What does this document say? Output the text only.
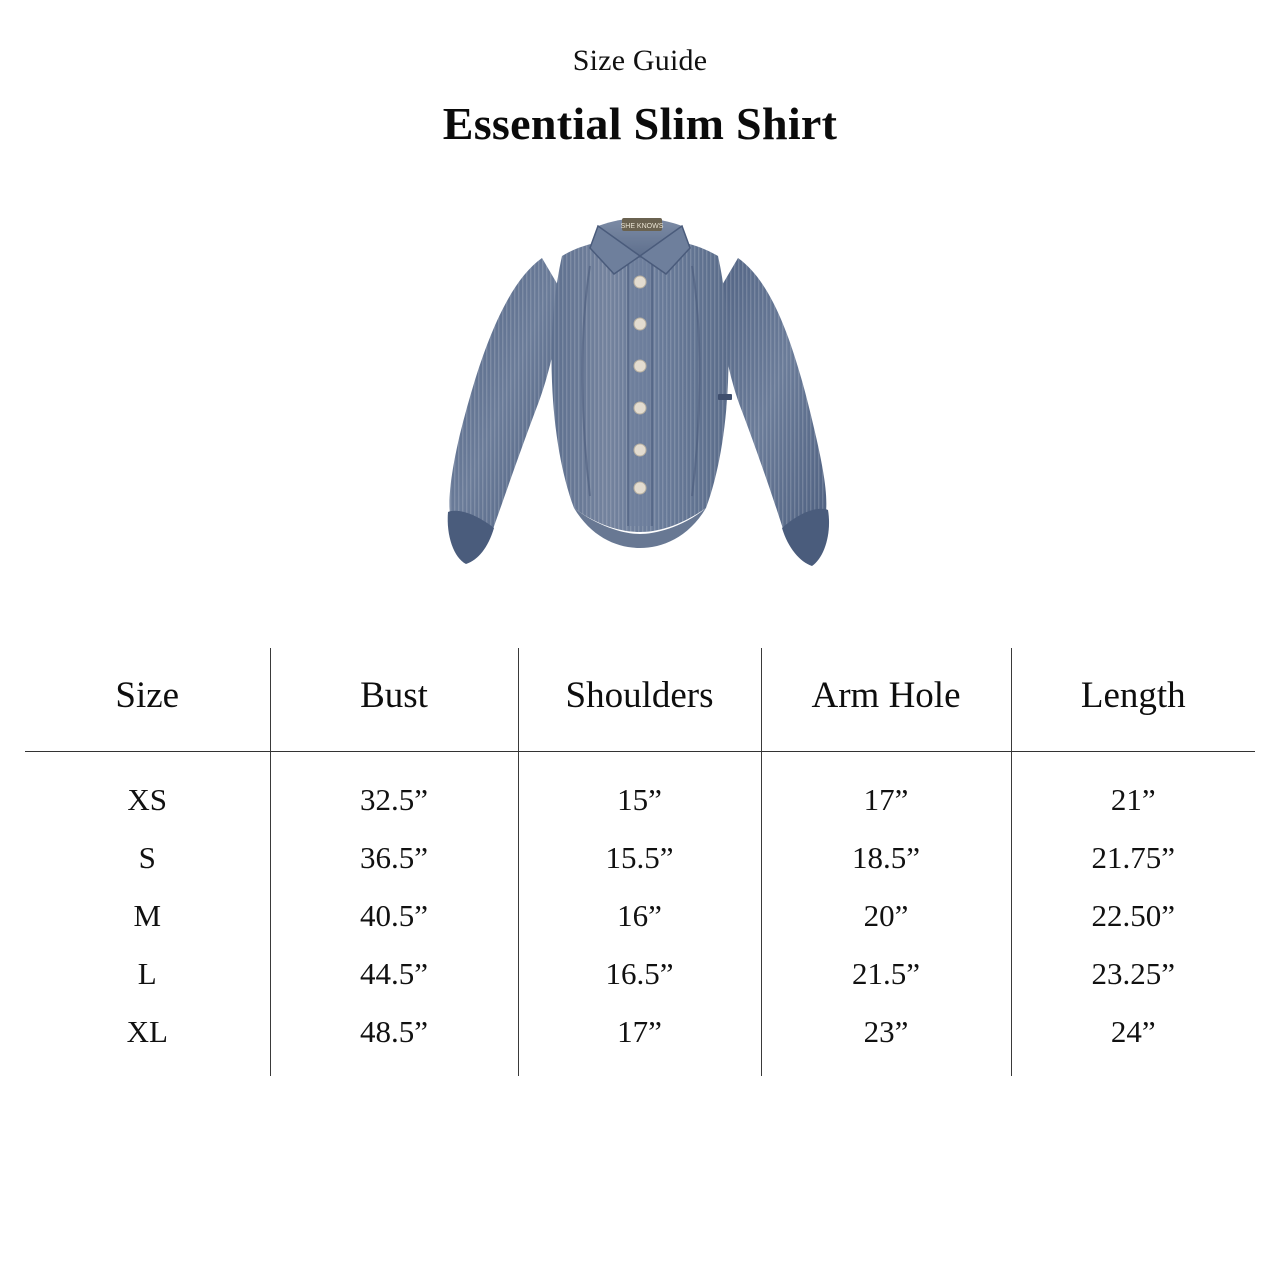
Size Guide
Essential Slim Shirt
SHE KNOWS
Size	Bust	Shoulders	Arm Hole	Length
XS	32.5”	15”	17”	21”
S	36.5”	15.5”	18.5”	21.75”
M	40.5”	16”	20”	22.50”
L	44.5”	16.5”	21.5”	23.25”
XL	48.5”	17”	23”	24”
